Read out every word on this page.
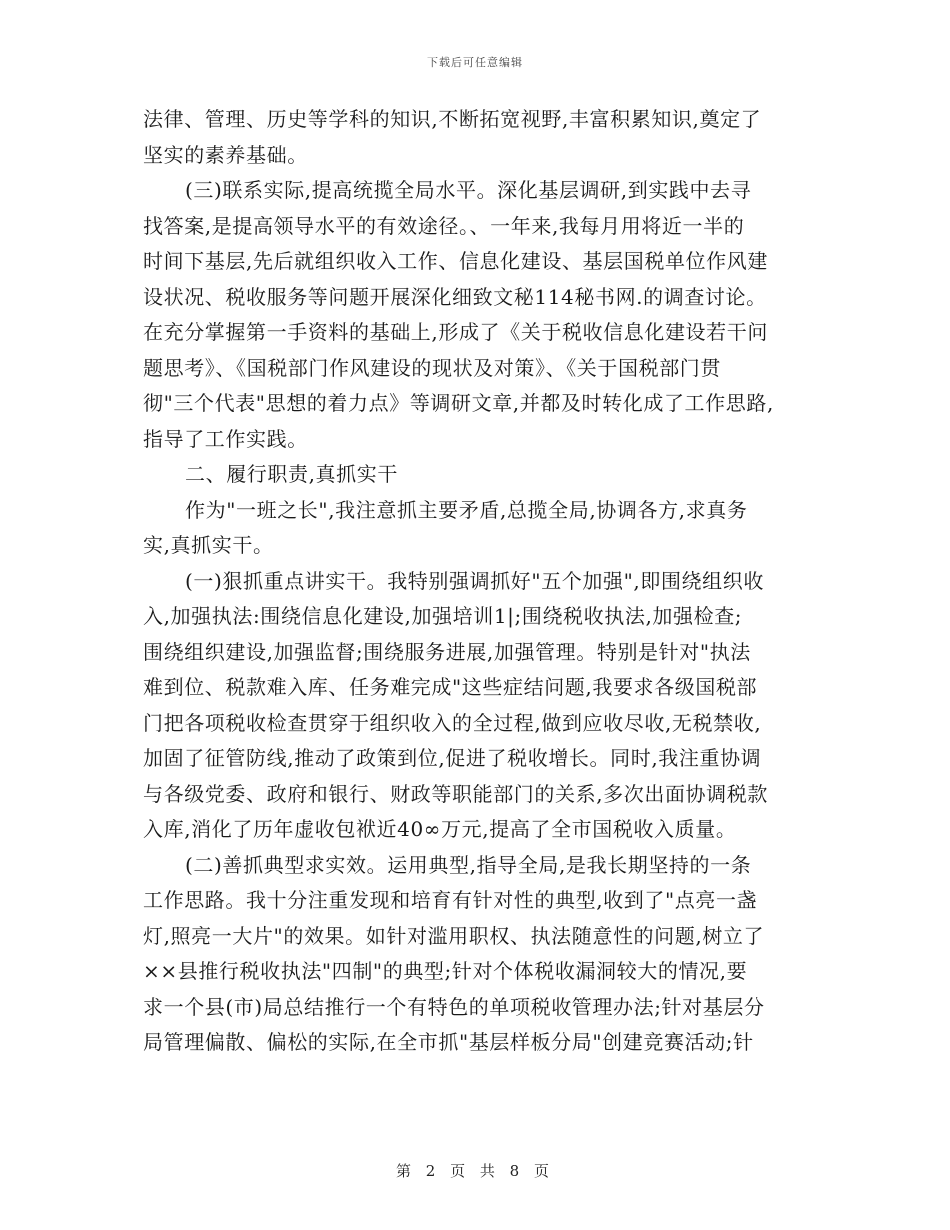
下载后可任意编辑
法律、管理、历史等学科的知识,不断拓宽视野,丰富积累知识,奠定了
坚实的素养基础。
(三)联系实际,提高统揽全局水平。深化基层调研,到实践中去寻
找答案,是提高领导水平的有效途径。、一年来,我每月用将近一半的
时间下基层,先后就组织收入工作、信息化建设、基层国税单位作风建
设状况、税收服务等问题开展深化细致文秘114秘书网.的调查讨论。
在充分掌握第一手资料的基础上,形成了《关于税收信息化建设若干问
题思考》、《国税部门作风建设的现状及对策》、《关于国税部门贯
彻"三个代表"思想的着力点》等调研文章,并都及时转化成了工作思路,
指导了工作实践。
二、履行职责,真抓实干
作为"一班之长",我注意抓主要矛盾,总揽全局,协调各方,求真务
实,真抓实干。
(一)狠抓重点讲实干。我特别强调抓好"五个加强",即围绕组织收
入,加强执法:围绕信息化建设,加强培训1|;围绕税收执法,加强检查;
围绕组织建设,加强监督;围绕服务进展,加强管理。特别是针对"执法
难到位、税款难入库、任务难完成"这些症结问题,我要求各级国税部
门把各项税收检查贯穿于组织收入的全过程,做到应收尽收,无税禁收,
加固了征管防线,推动了政策到位,促进了税收增长。同时,我注重协调
与各级党委、政府和银行、财政等职能部门的关系,多次出面协调税款
入库,消化了历年虚收包袱近40∞万元,提高了全市国税收入质量。
(二)善抓典型求实效。运用典型,指导全局,是我长期坚持的一条
工作思路。我十分注重发现和培育有针对性的典型,收到了"点亮一盏
灯,照亮一大片"的效果。如针对滥用职权、执法随意性的问题,树立了
××县推行税收执法"四制"的典型;针对个体税收漏洞较大的情况,要
求一个县(市)局总结推行一个有特色的单项税收管理办法;针对基层分
局管理偏散、偏松的实际,在全市抓"基层样板分局"创建竞赛活动;针
第 2 页 共 8 页
